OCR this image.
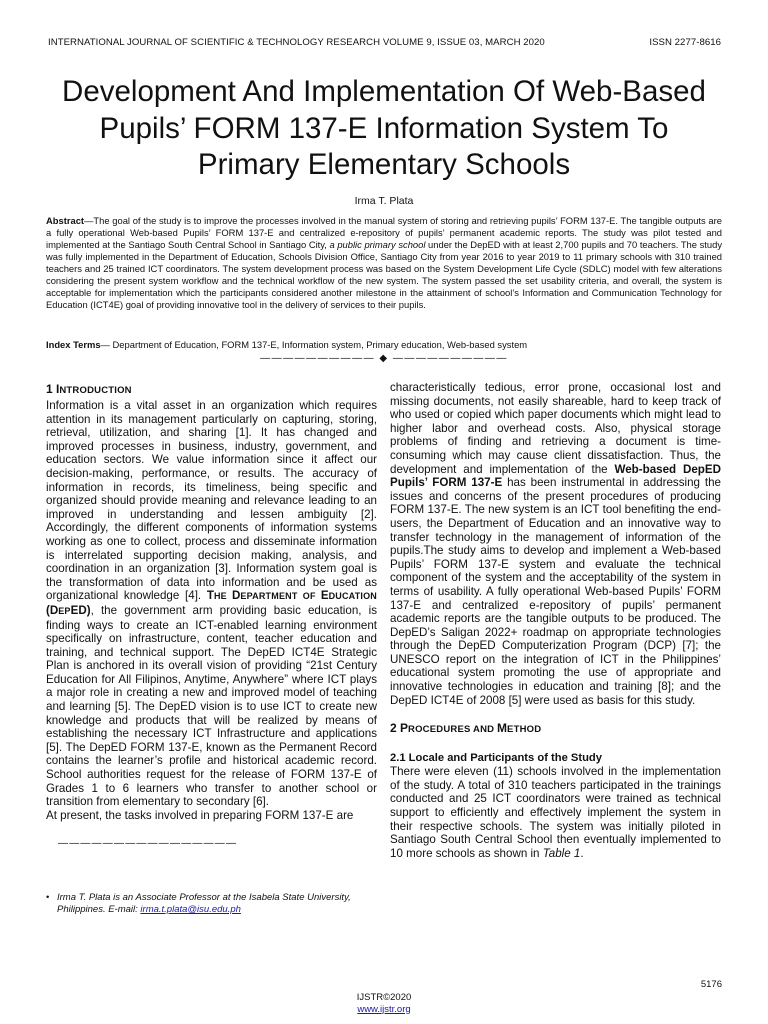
INTERNATIONAL JOURNAL OF SCIENTIFIC & TECHNOLOGY RESEARCH VOLUME 9, ISSUE 03, MARCH 2020	ISSN 2277-8616
Development And Implementation Of Web-Based
Pupils’ FORM 137-E Information System To
Primary Elementary Schools
Irma T. Plata
Abstract—The goal of the study is to improve the processes involved in the manual system of storing and retrieving pupils’ FORM 137-E. The tangible outputs are a fully operational Web-based Pupils’ FORM 137-E and centralized e-repository of pupils’ permanent academic reports. The study was pilot tested and implemented at the Santiago South Central School in Santiago City, a public primary school under the DepED with at least 2,700 pupils and 70 teachers. The study was fully implemented in the Department of Education, Schools Division Office, Santiago City from year 2016 to year 2019 to 11 primary schools with 310 trained teachers and 25 trained ICT coordinators. The system development process was based on the System Development Life Cycle (SDLC) model with few alterations considering the present system workflow and the technical workflow of the new system. The system passed the set usability criteria, and overall, the system is acceptable for implementation which the participants considered another milestone in the attainment of school’s Information and Communication Technology for Education (ICT4E) goal of providing innovative tool in the delivery of services to their pupils.
Index Terms— Department of Education, FORM 137-E, Information system, Primary education, Web-based system
—————————— ◆ ——————————
1 INTRODUCTION

Information is a vital asset in an organization which requires attention in its management particularly on capturing, storing, retrieval, utilization, and sharing [1]. It has changed and improved processes in business, industry, government, and education sectors. We value information since it affect our decision-making, performance, or results. The accuracy of information in records, its timeliness, being specific and organized should provide meaning and relevance leading to an improved in understanding and lessen ambiguity [2]. Accordingly, the different components of information systems working as one to collect, process and disseminate information is interrelated supporting decision making, analysis, and coordination in an organization [3]. Information system goal is the transformation of data into information and be used as organizational knowledge [4]. THE DEPARTMENT OF EDUCATION (DEPED), the government arm providing basic education, is finding ways to create an ICT-enabled learning environment specifically on infrastructure, content, teacher education and training, and technical support. The DepED ICT4E Strategic Plan is anchored in its overall vision of providing “21st Century Education for All Filipinos, Anytime, Anywhere” where ICT plays a major role in creating a new and improved model of teaching and learning [5]. The DepED vision is to use ICT to create new knowledge and products that will be realized by means of establishing the necessary ICT Infrastructure and applications [5]. The DepED FORM 137-E, known as the Permanent Record contains the learner’s profile and historical academic record. School authorities request for the release of FORM 137-E of Grades 1 to 6 learners who transfer to another school or transition from elementary to secondary [6].

At present, the tasks involved in preparing FORM 137-E are

characteristically tedious, error prone, occasional lost and missing documents, not easily shareable, hard to keep track of who used or copied which paper documents which might lead to higher labor and overhead costs. Also, physical storage problems of finding and retrieving a document is time-consuming which may cause client dissatisfaction. Thus, the development and implementation of the Web-based DepED Pupils’ FORM 137-E has been instrumental in addressing the issues and concerns of the present procedures of producing FORM 137-E. The new system is an ICT tool benefiting the end-users, the Department of Education and an innovative way to transfer technology in the management of information of the pupils.The study aims to develop and implement a Web-based Pupils’ FORM 137-E system and evaluate the technical component of the system and the acceptability of the system in terms of usability. A fully operational Web-based Pupils’ FORM 137-E and centralized e-repository of pupils’ permanent academic reports are the tangible outputs to be produced. The DepED’s Saligan 2022+ roadmap on appropriate technologies through the DepED Computerization Program (DCP) [7]; the UNESCO report on the integration of ICT in the Philippines’ educational system promoting the use of appropriate and innovative technologies in education and training [8]; and the DepED ICT4E of 2008 [5] were used as basis for this study.

2 PROCEDURES AND METHOD
2.1 Locale and Participants of the Study

There were eleven (11) schools involved in the implementation of the study. A total of 310 teachers participated in the trainings conducted and 25 ICT coordinators were trained as technical support to efficiently and effectively implement the system in their respective schools. The system was initially piloted in Santiago South Central School then eventually implemented to 10 more schools as shown in Table 1.

————————————————
• Irma T. Plata is an Associate Professor at the Isabela State University, Philippines. E-mail: irma.t.plata@isu.edu.ph
5176
IJSTR©2020
www.ijstr.org
